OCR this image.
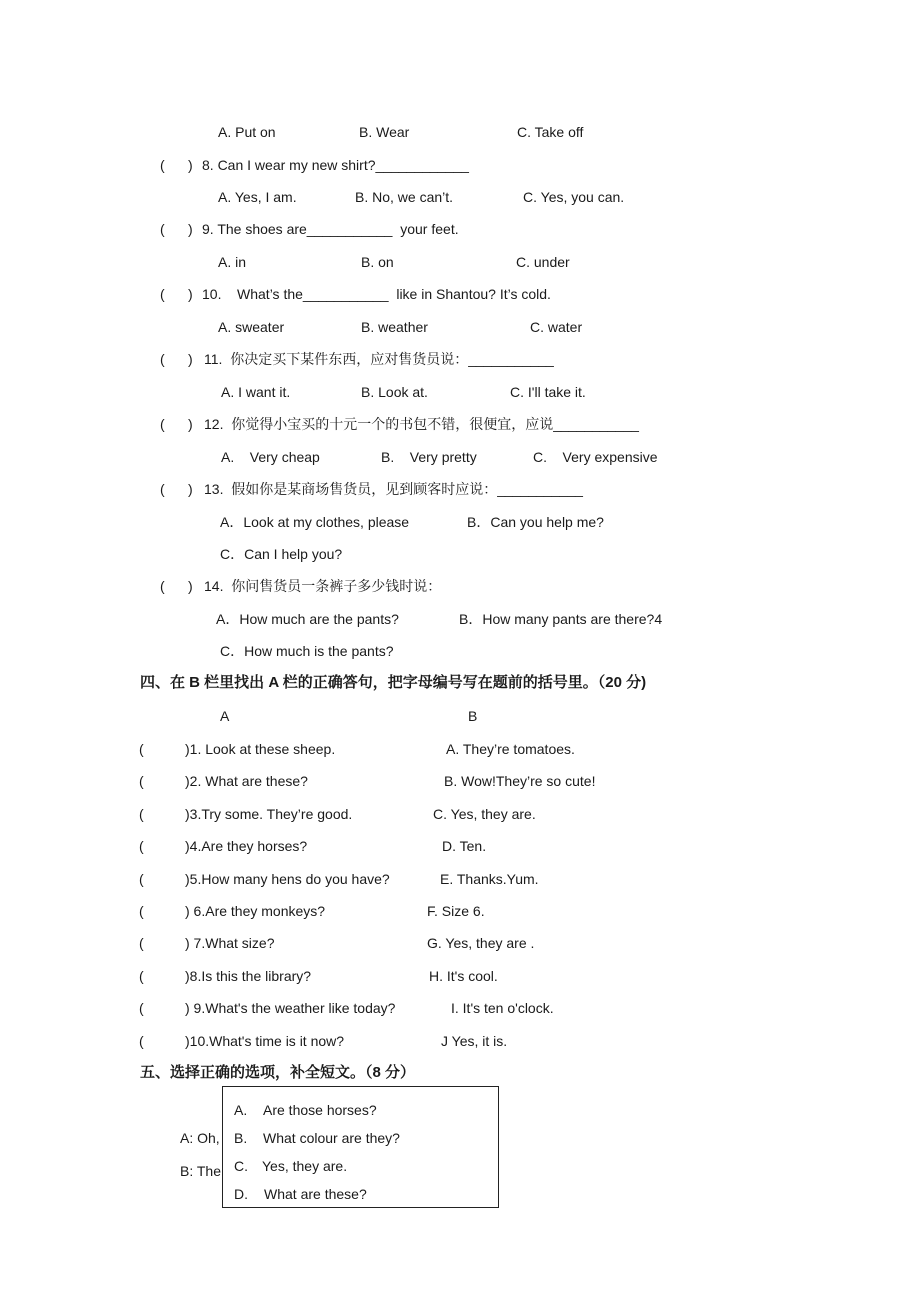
A. Put on	B. Wear	C. Take off
(      ) 8. Can I wear my new shirt?____________
A. Yes, I am.	B. No, we can’t.	C. Yes, you can.
(      ) 9. The shoes are___________  your feet.
A. in	B. on	C. under
(      ) 10.    What’s the___________  like in Shantou? It’s cold.
A. sweater	B. weather	C. water
(      ) 11.  你决定买下某件东西，应对售货员说：___________
A. I want it.	B. Look at.	C. I'll take it.
(      ) 12.  你觉得小宝买的十元一个的书包不错，很便宜，应说___________
A.    Very cheap	B.    Very pretty	C.    Very expensive
(      ) 13.  假如你是某商场售货员，见到顾客时应说：___________
A．Look at my clothes, please	B．Can you help me?
C．Can I help you?
(      ) 14.  你问售货员一条裤子多少钱时说：
A．How much are the pants?	B．How many pants are there?4
C．How much is the pants?
四、在 B 栏里找出 A 栏的正确答句，把字母编号写在题前的括号里。（20 分)
A	B
(	)1. Look at these sheep.	A. They’re tomatoes.
(	)2. What are these?	B. Wow!They’re so cute!
(	)3.Try some. They’re good.	C. Yes, they are.
(	)4.Are they horses?	D. Ten.
(	)5.How many hens do you have?	E. Thanks.Yum.
(	) 6.Are they monkeys?	F. Size 6.
(	) 7.What size?	G. Yes, they are .
(	)8.Is this the library?	H. It's cool.
(	) 9.What's the weather like today?	I. It's ten o'clock.
(	)10.What's time is it now?	J Yes, it is.
五、选择正确的选项，补全短文。（8 分）
A: Oh,
B: The
A. Are those horses?
B. What colour are they?
C. Yes, they are.
D. What are these?
